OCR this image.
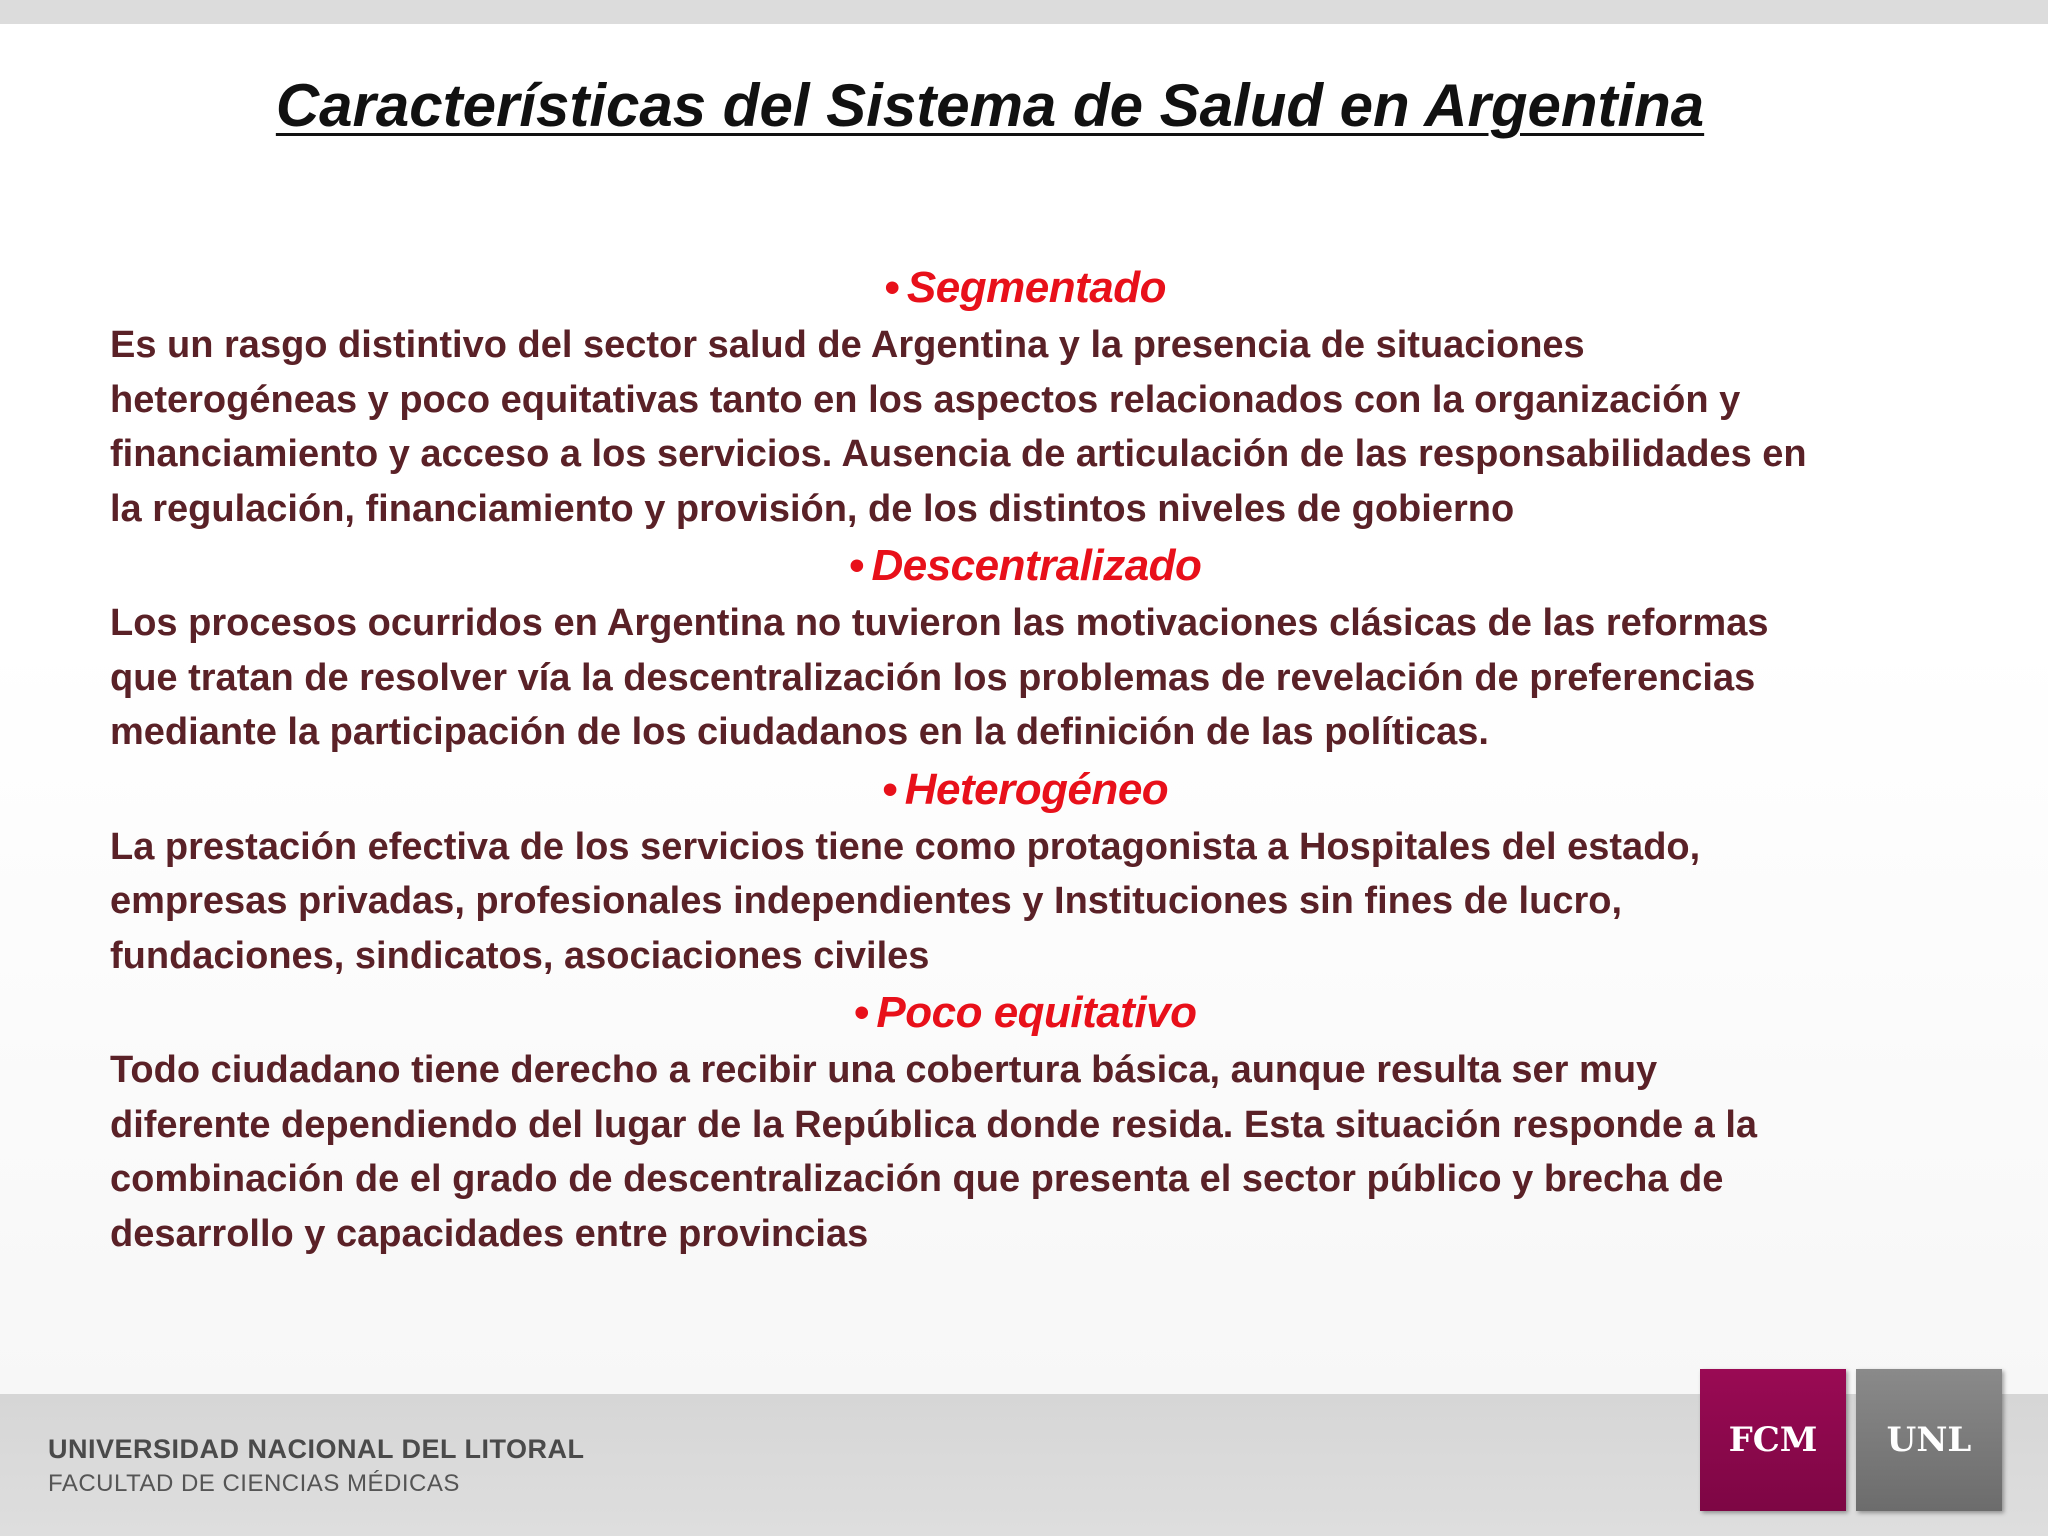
Características del Sistema de Salud en Argentina

• Segmentado

Es un rasgo distintivo del sector salud de Argentina y la presencia de situaciones
heterogéneas y poco equitativas tanto en los aspectos relacionados con la organización y
financiamiento y acceso a los servicios. Ausencia de articulación de las responsabilidades en
la regulación, financiamiento y provisión, de los distintos niveles de gobierno

• Descentralizado

Los procesos ocurridos en Argentina no tuvieron las motivaciones clásicas de las reformas
que tratan de resolver vía la descentralización los problemas de revelación de preferencias
mediante la participación de los ciudadanos en la definición de las políticas.

• Heterogéneo

La prestación efectiva de los servicios tiene como protagonista a Hospitales del estado,
empresas privadas, profesionales independientes y Instituciones sin fines de lucro,
fundaciones, sindicatos, asociaciones civiles

• Poco equitativo

Todo ciudadano tiene derecho a recibir una cobertura básica, aunque resulta ser muy
diferente dependiendo del lugar de la República donde resida. Esta situación responde a la
combinación de el grado de descentralización que presenta el sector público y brecha de
desarrollo y capacidades entre provincias

UNIVERSIDAD NACIONAL DEL LITORAL

FACULTAD DE CIENCIAS MÉDICAS

FCM	UNL
